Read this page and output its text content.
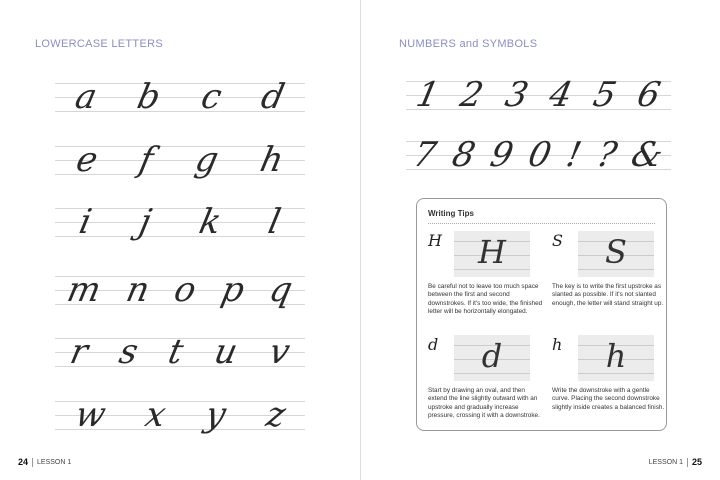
LOWERCASE LETTERS
a b c d
e f g h
i j k l
m n o p q
r s t u v
w x y z
24 LESSON 1
NUMBERS and SYMBOLS
1 2 3 4 5 6
7 8 9 0 ! ? &
Writing Tips
H	H

Be careful not to leave too much space between the first and second downstrokes. If it's too wide, the finished letter will be horizontally elongated.

S	S

The key is to write the first upstroke as slanted as possible. If it's not slanted enough, the letter will stand straight up.

d	d

Start by drawing an oval, and then extend the line slightly outward with an upstroke and gradually increase pressure, crossing it with a downstroke.

h	h

Write the downstroke with a gentle curve. Placing the second downstroke slightly inside creates a balanced finish.

LESSON 1 25
